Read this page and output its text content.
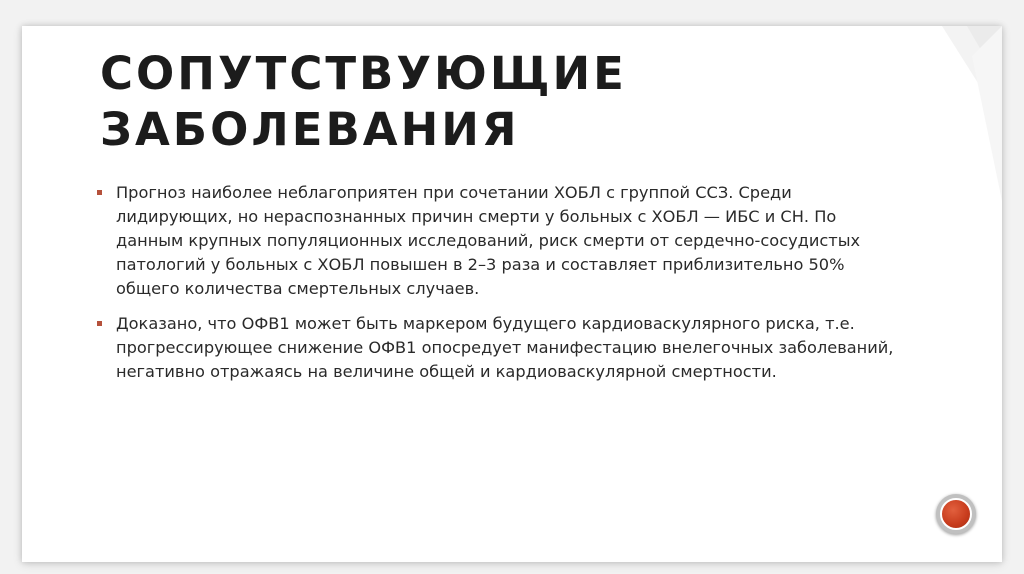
СОПУТСТВУЮЩИЕ
ЗАБОЛЕВАНИЯ

Прогноз наиболее неблагоприятен при сочетании ХОБЛ с группой ССЗ. Среди лидирующих, но нераспознанных причин смерти у больных с ХОБЛ — ИБС и СН. По данным крупных популяционных исследований, риск смерти от сердечно-сосудистых патологий у больных с ХОБЛ повышен в 2–3 раза и составляет приблизительно 50% общего количества смертельных случаев.

Доказано, что ОФВ1 может быть маркером будущего кардиоваскулярного риска, т.е. прогрессирующее снижение ОФВ1 опосредует манифестацию внелегочных заболеваний, негативно отражаясь на величине общей и кардиоваскулярной смертности.
